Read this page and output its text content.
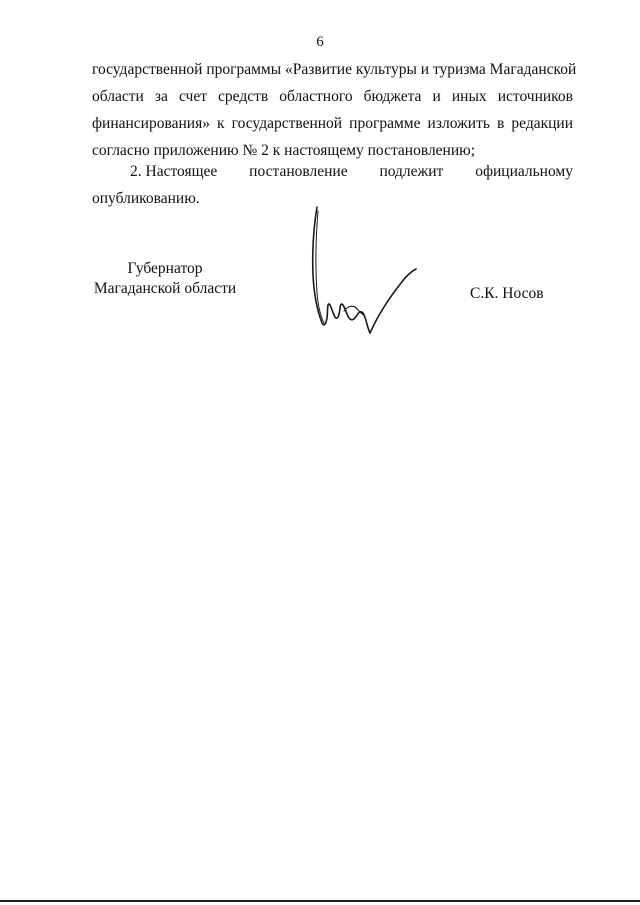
6
государственной программы «Развитие культуры и туризма Магаданской
области за счет средств областного бюджета и иных источников
финансирования» к государственной программе изложить в редакции
согласно приложению № 2 к настоящему постановлению;
2. Настоящее постановление подлежит официальному
опубликованию.
Губернатор
Магаданской области	С.К. Носов
